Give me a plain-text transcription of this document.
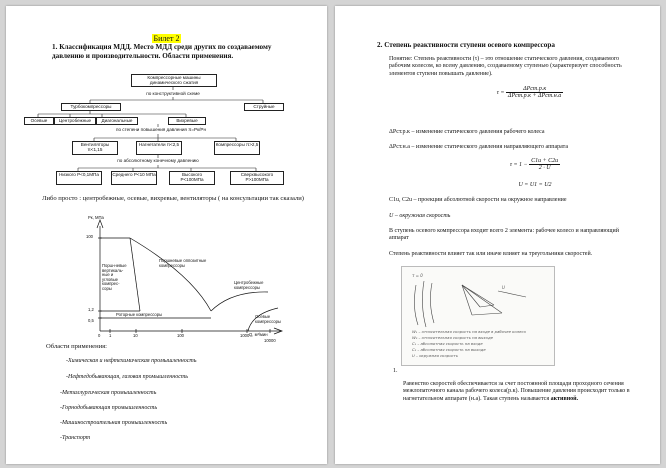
Билет 2
1. Классификация МДД. Место МДД среди других по создаваемому давлению и производительности. Области применения.
Компрессорные машины динамического сжатия
по конструктивной схеме
Турбокомпрессоры	Струйные
Осевые	Центробежные	Диагональные	Вихревые
по степени повышения давления π=Pк/Pн
Вентиляторы π<1,15
Нагнетатели π<2,5	Компрессоры π>2,5
по абсолютному конечному давлению
Низкого P<0,1МПа	Среднего P<10 МПа	Высокого P<100МПа
Сверхвысокого P>100МПа
Либо просто : центробежные, осевые, вихревые, вентиляторы ( на консультации так сказали)
Рк, МПа
Q, м³/мин
100
1,2
0,5
0 1	10	100	1000
10000
Поршневые оппозитные компрессоры
Порш-невые вертикаль-ные и угловые компрес-соры
Роторные компрессоры
Центробежные компрессоры
Осевые компрессоры
Области применения:
-Химическая и нефтехимическая промышленность
-Нефтедобывающая, газовая промышленность
-Металлургическая промышленность
-Горнодобывающая промышленность
-Машиностроительная промышленность
-Транспорт
2. Степень реактивности ступени осевого компрессора
Понятие: Степень реактивности (τ) – это отношение статического давления, создаваемого рабочим колесом, ко всему давлению, создаваемому ступенью (характеризует способность элементов ступени повышать давление).
$\tau = \frac{\text{ΔPст.р.к}}{\text{ΔPст.р.к + ΔPст.н.а}}$
ΔPст.р.к – изменение статического давления рабочего колеса
ΔPст.н.а – изменение статического давления направляющего аппарата
$\tau = 1 - \frac{C1u + C2u}{2 \cdot U}$
U = U1 = U2
C1u, C2u – проекции абсолютной скорости на окружное направление
U – окружная скорость
В ступень осевого компрессора входит всего 2 элемента: рабочее колесо и направляющий аппарат
Степень реактивности влияет так или иначе влияет на треугольники скоростей.
τ = 0
U
W₁ – относительная скорость на входе в рабочее колесо
W₂ – относительная скорость на выходе
C₁ – абсолютная скорость на входе
C₂ – абсолютная скорость на выходе
U – окружная скорость
1.
Равенство скоростей обеспечивается за счет постоянной площади проходного сечения межлопаточного канала рабочего колеса(р.к). Повышение давления происходит только в нагнетательном аппарате (н.а). Такая ступень называется активной.
